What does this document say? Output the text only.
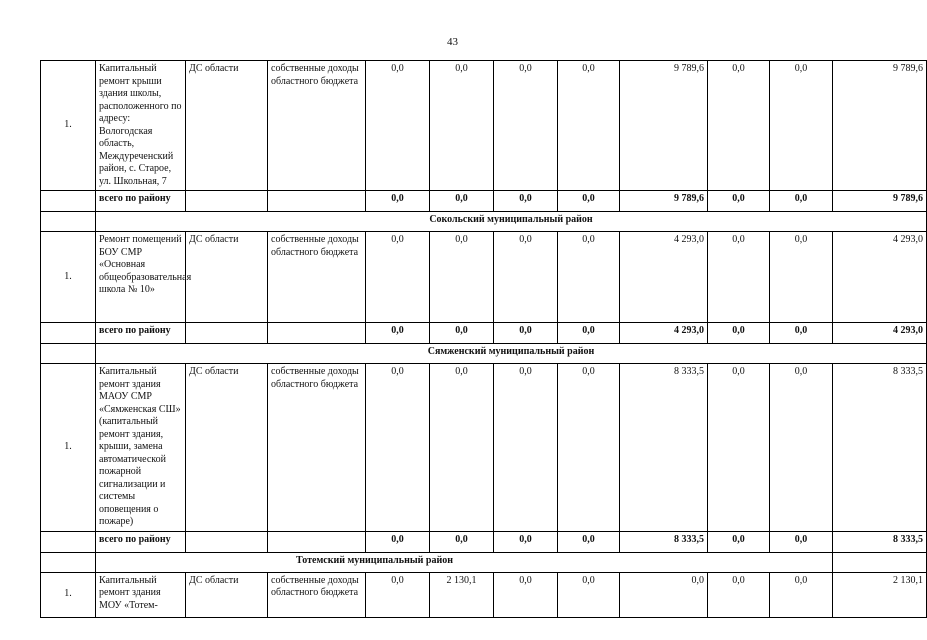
43
1.	Капитальный ремонт крыши здания школы, расположенного по адресу: Вологодская область, Междуреченский район, с. Старое, ул. Школьная, 7	ДС области	собственные доходы областного бюджета	0,0	0,0	0,0	0,0	9 789,6	0,0	0,0	9 789,6
	всего по району			0,0	0,0	0,0	0,0	9 789,6	0,0	0,0	9 789,6
	Сокольский муниципальный район										
1.	Ремонт помещений БОУ СМР «Основная общеобразовательная школа № 10»	ДС области	собственные доходы областного бюджета	0,0	0,0	0,0	0,0	4 293,0	0,0	0,0	4 293,0
	всего по району			0,0	0,0	0,0	0,0	4 293,0	0,0	0,0	4 293,0
	Сямженский муниципальный район										
1.	Капитальный ремонт здания МАОУ СМР «Сямженская СШ» (капитальный ремонт здания, крыши, замена автоматической пожарной сигнализации и системы оповещения о пожаре)	ДС области	собственные доходы областного бюджета	0,0	0,0	0,0	0,0	8 333,5	0,0	0,0	8 333,5
	всего по району			0,0	0,0	0,0	0,0	8 333,5	0,0	0,0	8 333,5
	Тотемский муниципальный район										
1.	Капитальный ремонт здания МОУ «Тотем-	ДС области	собственные доходы областного бюджета	0,0	2 130,1	0,0	0,0	0,0	0,0	0,0	2 130,1
